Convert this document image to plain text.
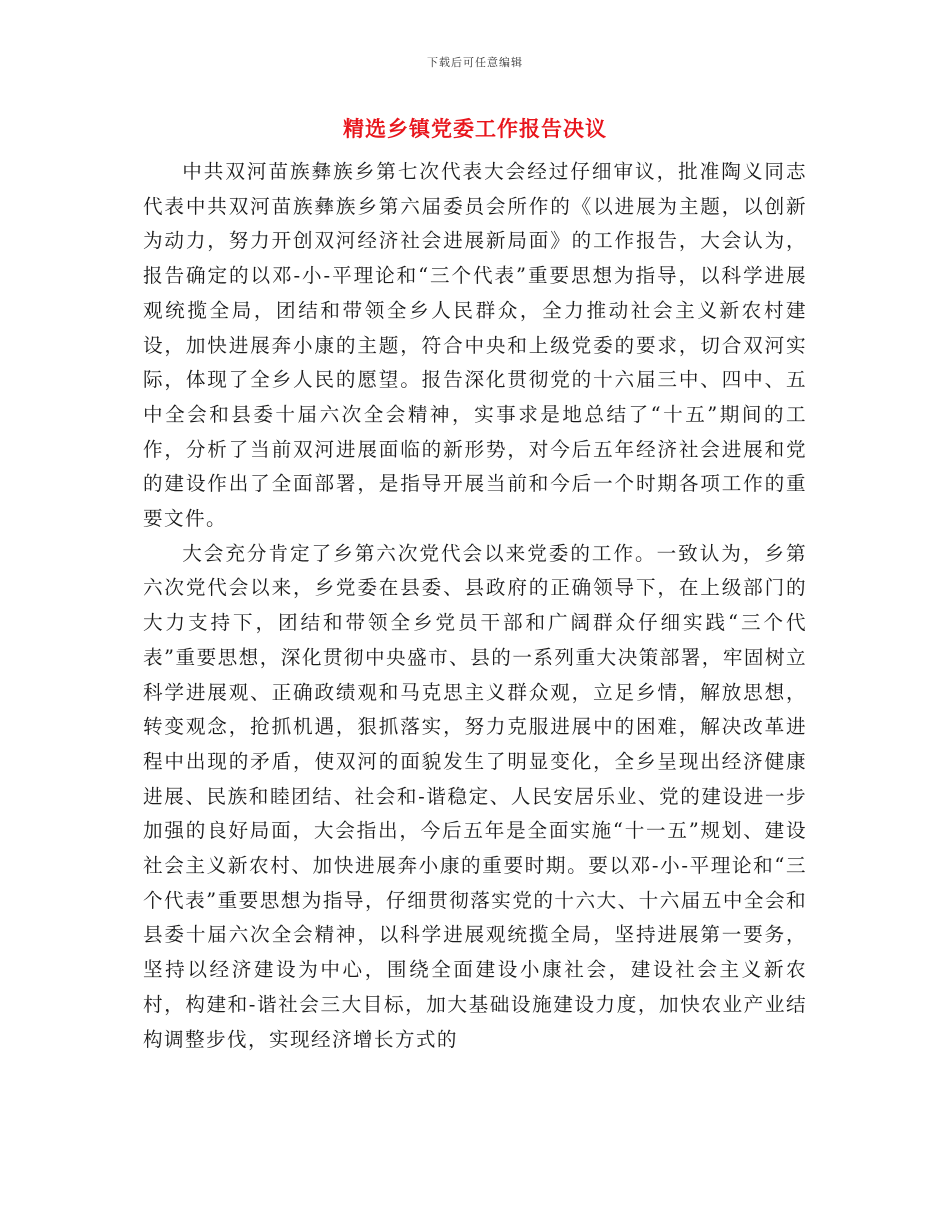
下载后可任意编辑
精选乡镇党委工作报告决议

中共双河苗族彝族乡第七次代表大会经过仔细审议，批准陶义同志代表中共双河苗族彝族乡第六届委员会所作的《以进展为主题，以创新为动力，努力开创双河经济社会进展新局面》的工作报告，大会认为，报告确定的以邓-小-平理论和“三个代表”重要思想为指导，以科学进展观统揽全局，团结和带领全乡人民群众，全力推动社会主义新农村建设，加快进展奔小康的主题，符合中央和上级党委的要求，切合双河实际，体现了全乡人民的愿望。报告深化贯彻党的十六届三中、四中、五中全会和县委十届六次全会精神，实事求是地总结了“十五”期间的工作，分析了当前双河进展面临的新形势，对今后五年经济社会进展和党的建设作出了全面部署，是指导开展当前和今后一个时期各项工作的重要文件。

大会充分肯定了乡第六次党代会以来党委的工作。一致认为，乡第六次党代会以来，乡党委在县委、县政府的正确领导下，在上级部门的大力支持下，团结和带领全乡党员干部和广阔群众仔细实践“三个代表”重要思想，深化贯彻中央盛市、县的一系列重大决策部署，牢固树立科学进展观、正确政绩观和马克思主义群众观，立足乡情，解放思想，转变观念，抢抓机遇，狠抓落实，努力克服进展中的困难，解决改革进程中出现的矛盾，使双河的面貌发生了明显变化，全乡呈现出经济健康进展、民族和睦团结、社会和-谐稳定、人民安居乐业、党的建设进一步加强的良好局面，大会指出，今后五年是全面实施“十一五”规划、建设社会主义新农村、加快进展奔小康的重要时期。要以邓-小-平理论和“三个代表”重要思想为指导，仔细贯彻落实党的十六大、十六届五中全会和县委十届六次全会精神，以科学进展观统揽全局，坚持进展第一要务，坚持以经济建设为中心，围绕全面建设小康社会，建设社会主义新农村，构建和-谐社会三大目标，加大基础设施建设力度，加快农业产业结构调整步伐，实现经济增长方式的
